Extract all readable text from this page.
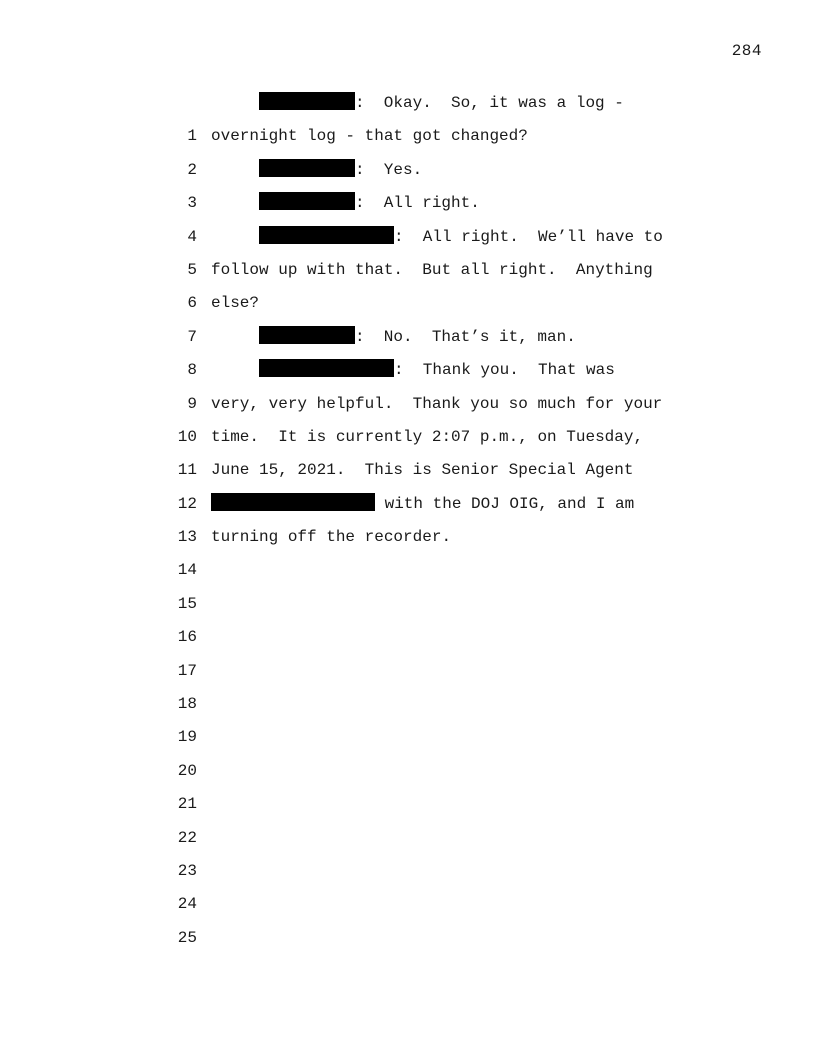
284

1

:  Okay.  So, it was a log -

2

overnight log - that got changed?

3

:  Yes.

4

:  All right.

5

:  All right.  We’ll have to

6

follow up with that.  But all right.  Anything

7

else?

8

:  No.  That’s it, man.

9

:  Thank you.  That was

10

very, very helpful.  Thank you so much for your

11

time.  It is currently 2:07 p.m., on Tuesday,

12

June 15, 2021.  This is Senior Special Agent

13

with the DOJ OIG, and I am

14

turning off the recorder.

15

16

17

18

19

20

21

22

23

24

25
